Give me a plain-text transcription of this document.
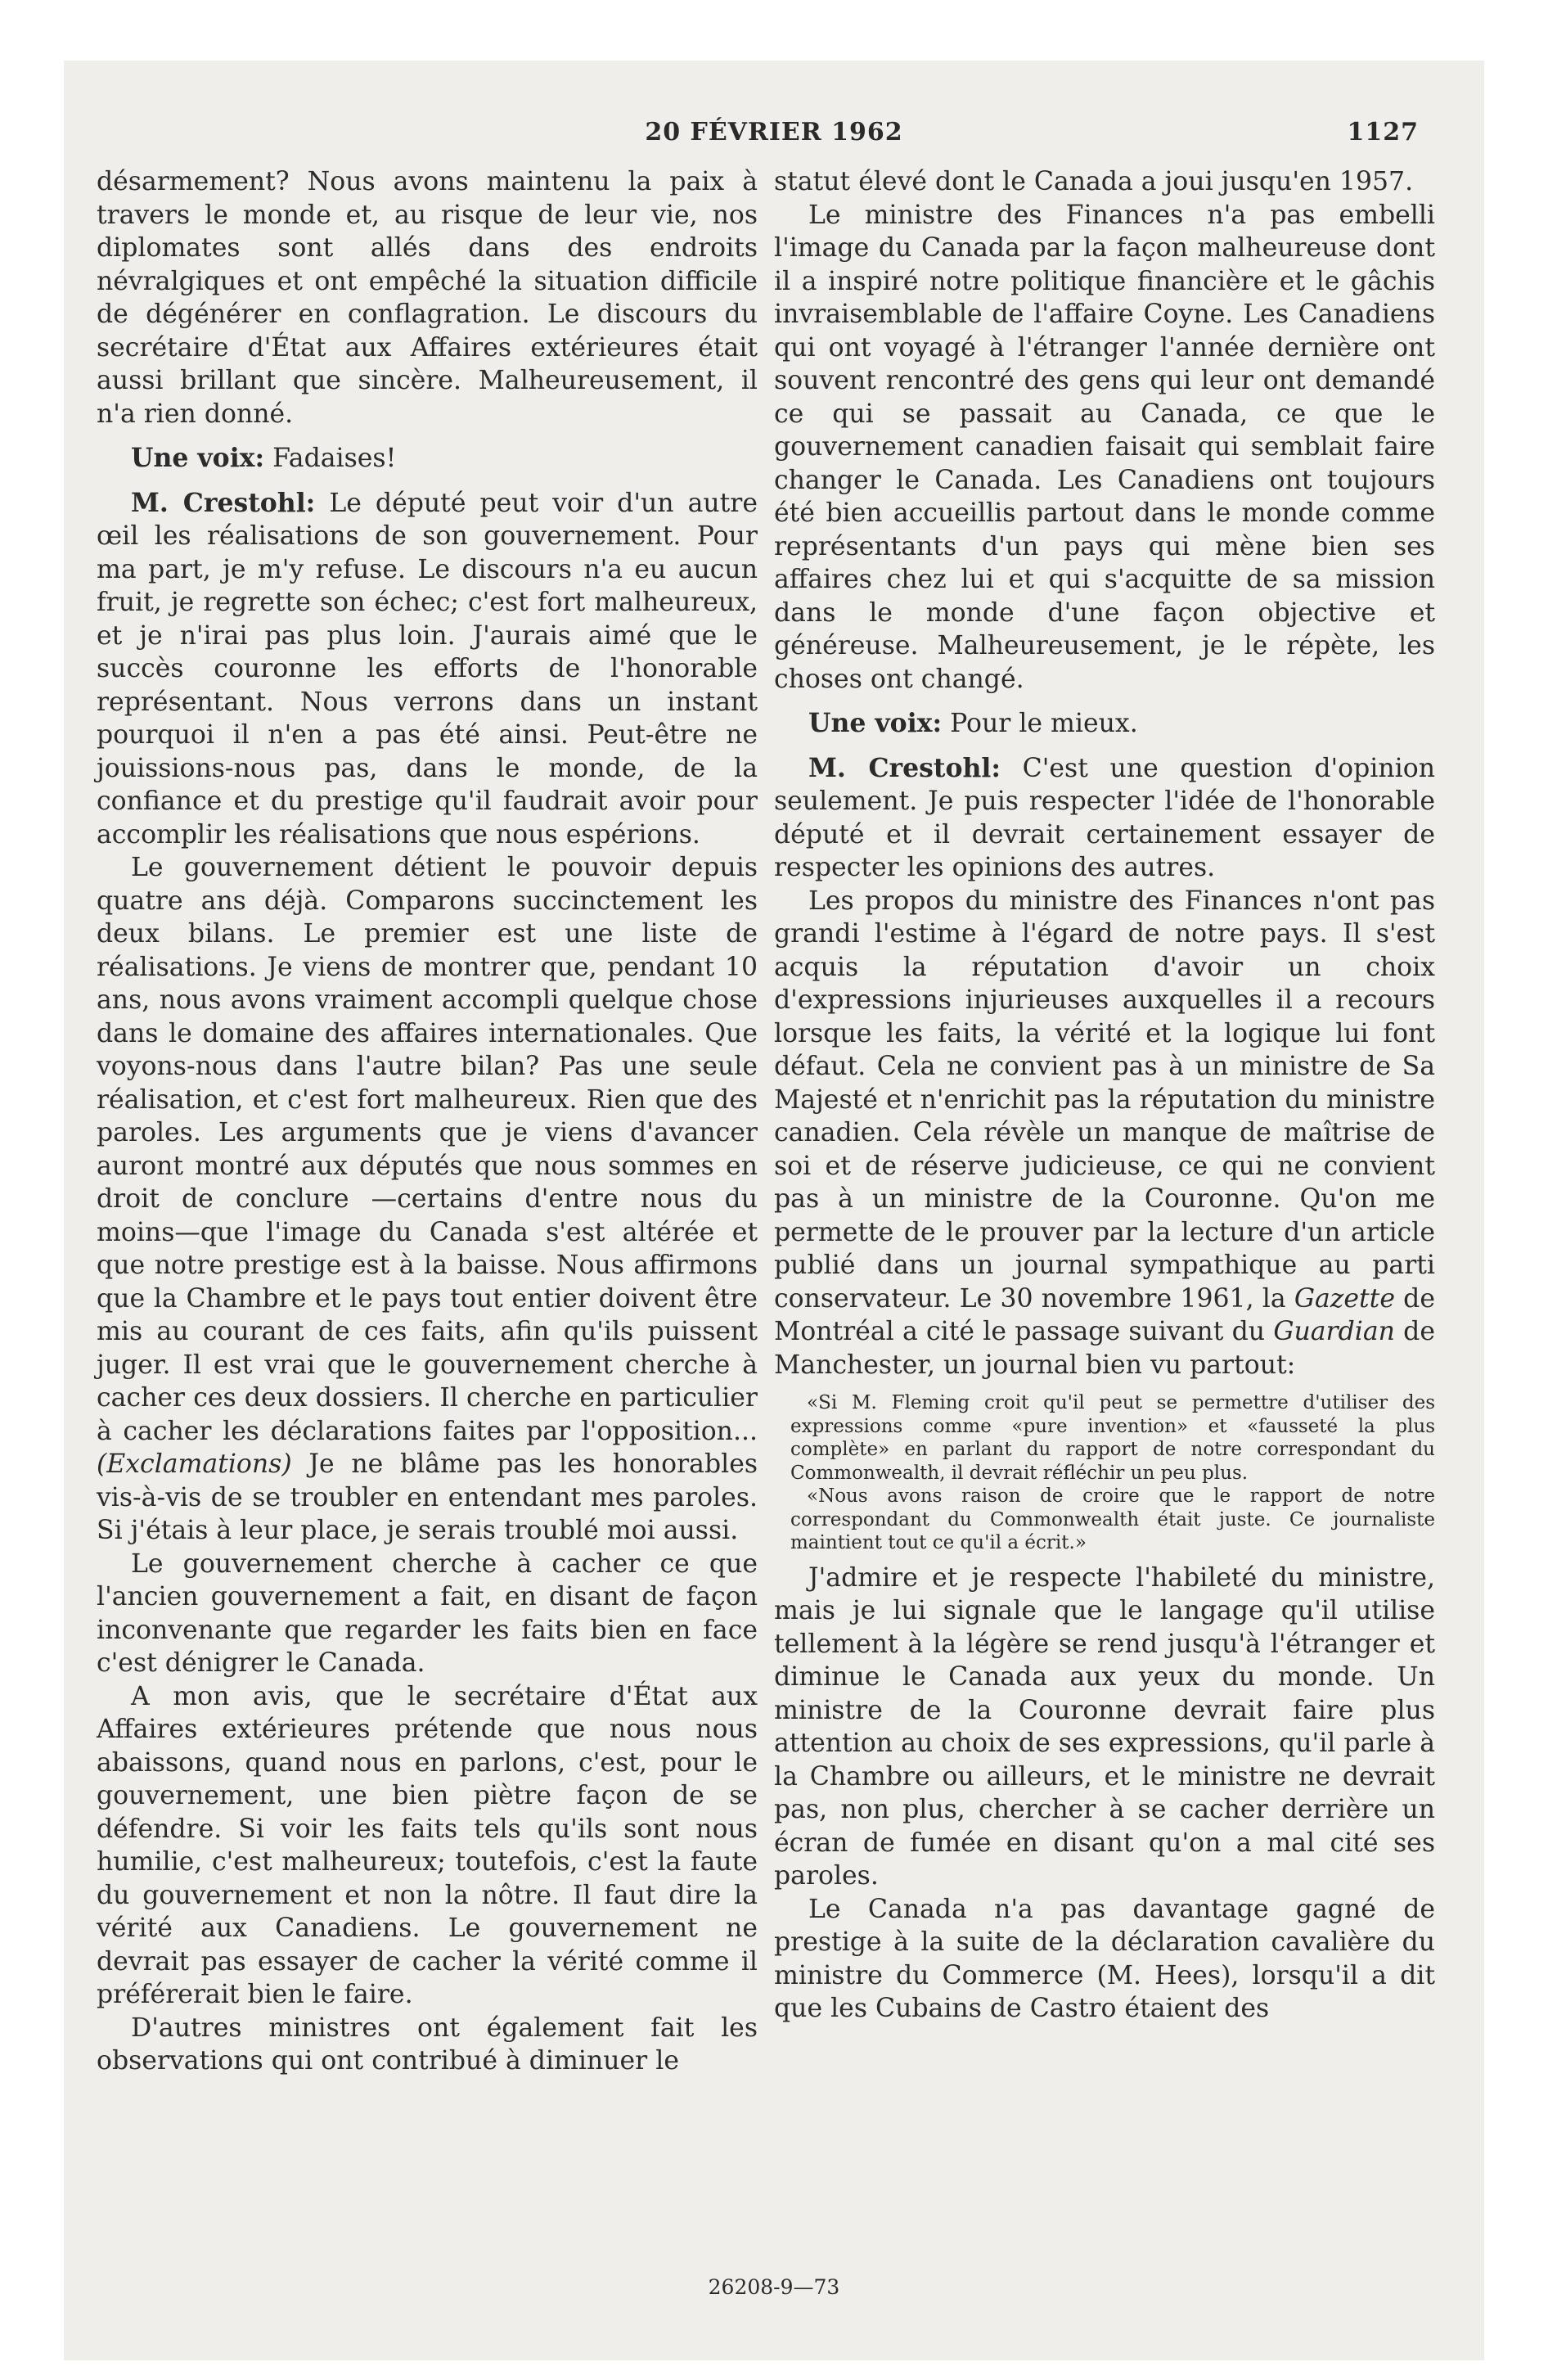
20 FÉVRIER 1962	1127

désarmement? Nous avons maintenu la paix à travers le monde et, au risque de leur vie, nos diplomates sont allés dans des endroits névralgiques et ont empêché la situation difficile de dégénérer en conflagration. Le discours du secrétaire d'État aux Affaires extérieures était aussi brillant que sincère. Malheureusement, il n'a rien donné.

Une voix: Fadaises!

M. Crestohl: Le député peut voir d'un autre œil les réalisations de son gouvernement. Pour ma part, je m'y refuse. Le discours n'a eu aucun fruit, je regrette son échec; c'est fort malheureux, et je n'irai pas plus loin. J'aurais aimé que le succès couronne les efforts de l'honorable représentant. Nous verrons dans un instant pourquoi il n'en a pas été ainsi. Peut-être ne jouissions-nous pas, dans le monde, de la confiance et du prestige qu'il faudrait avoir pour accomplir les réalisations que nous espérions.

Le gouvernement détient le pouvoir depuis quatre ans déjà. Comparons succinctement les deux bilans. Le premier est une liste de réalisations. Je viens de montrer que, pendant 10 ans, nous avons vraiment accompli quelque chose dans le domaine des affaires internationales. Que voyons-nous dans l'autre bilan? Pas une seule réalisation, et c'est fort malheureux. Rien que des paroles. Les arguments que je viens d'avancer auront montré aux députés que nous sommes en droit de conclure —certains d'entre nous du moins—que l'image du Canada s'est altérée et que notre prestige est à la baisse. Nous affirmons que la Chambre et le pays tout entier doivent être mis au courant de ces faits, afin qu'ils puissent juger. Il est vrai que le gouvernement cherche à cacher ces deux dossiers. Il cherche en particulier à cacher les déclarations faites par l'opposition... (Exclamations) Je ne blâme pas les honorables vis-à-vis de se troubler en entendant mes paroles. Si j'étais à leur place, je serais troublé moi aussi.

Le gouvernement cherche à cacher ce que l'ancien gouvernement a fait, en disant de façon inconvenante que regarder les faits bien en face c'est dénigrer le Canada.

A mon avis, que le secrétaire d'État aux Affaires extérieures prétende que nous nous abaissons, quand nous en parlons, c'est, pour le gouvernement, une bien piètre façon de se défendre. Si voir les faits tels qu'ils sont nous humilie, c'est malheureux; toutefois, c'est la faute du gouvernement et non la nôtre. Il faut dire la vérité aux Canadiens. Le gouvernement ne devrait pas essayer de cacher la vérité comme il préférerait bien le faire.

D'autres ministres ont également fait les observations qui ont contribué à diminuer le

statut élevé dont le Canada a joui jusqu'en 1957.

Le ministre des Finances n'a pas embelli l'image du Canada par la façon malheureuse dont il a inspiré notre politique financière et le gâchis invraisemblable de l'affaire Coyne. Les Canadiens qui ont voyagé à l'étranger l'année dernière ont souvent rencontré des gens qui leur ont demandé ce qui se passait au Canada, ce que le gouvernement canadien faisait qui semblait faire changer le Canada. Les Canadiens ont toujours été bien accueillis partout dans le monde comme représentants d'un pays qui mène bien ses affaires chez lui et qui s'acquitte de sa mission dans le monde d'une façon objective et généreuse. Malheureusement, je le répète, les choses ont changé.

Une voix: Pour le mieux.

M. Crestohl: C'est une question d'opinion seulement. Je puis respecter l'idée de l'honorable député et il devrait certainement essayer de respecter les opinions des autres.

Les propos du ministre des Finances n'ont pas grandi l'estime à l'égard de notre pays. Il s'est acquis la réputation d'avoir un choix d'expressions injurieuses auxquelles il a recours lorsque les faits, la vérité et la logique lui font défaut. Cela ne convient pas à un ministre de Sa Majesté et n'enrichit pas la réputation du ministre canadien. Cela révèle un manque de maîtrise de soi et de réserve judicieuse, ce qui ne convient pas à un ministre de la Couronne. Qu'on me permette de le prouver par la lecture d'un article publié dans un journal sympathique au parti conservateur. Le 30 novembre 1961, la Gazette de Montréal a cité le passage suivant du Guardian de Manchester, un journal bien vu partout:

«Si M. Fleming croit qu'il peut se permettre d'utiliser des expressions comme «pure invention» et «fausseté la plus complète» en parlant du rapport de notre correspondant du Commonwealth, il devrait réfléchir un peu plus.

«Nous avons raison de croire que le rapport de notre correspondant du Commonwealth était juste. Ce journaliste maintient tout ce qu'il a écrit.»

J'admire et je respecte l'habileté du ministre, mais je lui signale que le langage qu'il utilise tellement à la légère se rend jusqu'à l'étranger et diminue le Canada aux yeux du monde. Un ministre de la Couronne devrait faire plus attention au choix de ses expressions, qu'il parle à la Chambre ou ailleurs, et le ministre ne devrait pas, non plus, chercher à se cacher derrière un écran de fumée en disant qu'on a mal cité ses paroles.

Le Canada n'a pas davantage gagné de prestige à la suite de la déclaration cavalière du ministre du Commerce (M. Hees), lorsqu'il a dit que les Cubains de Castro étaient des

26208-9—73
